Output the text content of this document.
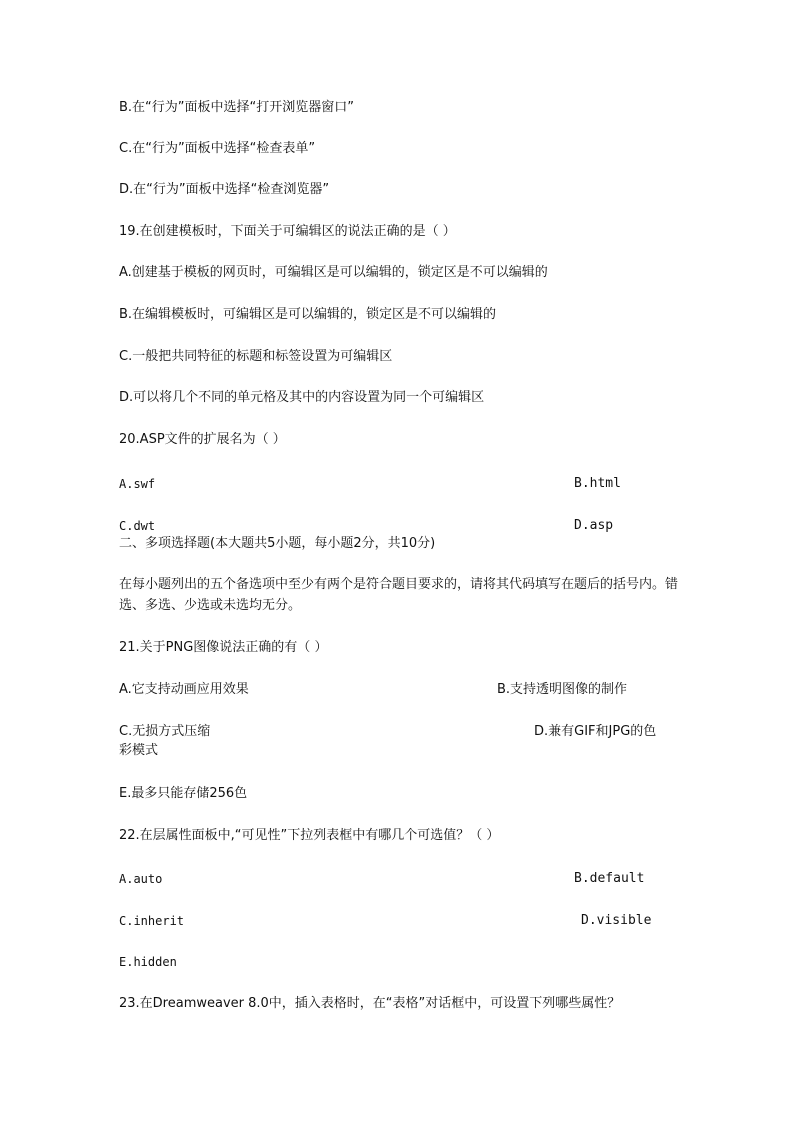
B.在“行为”面板中选择“打开浏览器窗口”
C.在“行为”面板中选择“检查表单”
D.在“行为”面板中选择“检查浏览器”
19.在创建模板时，下面关于可编辑区的说法正确的是（ ）
A.创建基于模板的网页时，可编辑区是可以编辑的，锁定区是不可以编辑的
B.在编辑模板时，可编辑区是可以编辑的，锁定区是不可以编辑的
C.一般把共同特征的标题和标签设置为可编辑区
D.可以将几个不同的单元格及其中的内容设置为同一个可编辑区
20.ASP文件的扩展名为（ ）
A.swf	B.html
C.dwt	D.asp
二、多项选择题(本大题共5小题，每小题2分，共10分)
在每小题列出的五个备选项中至少有两个是符合题目要求的，请将其代码填写在题后的括号内。错选、多选、少选或未选均无分。
21.关于PNG图像说法正确的有（ ）
A.它支持动画应用效果	B.支持透明图像的制作
C.无损方式压缩	D.兼有GIF和JPG的色
彩模式
E.最多只能存储256色
22.在层属性面板中,“可见性”下拉列表框中有哪几个可选值？（ ）
A.auto	B.default
C.inherit	D.visible
E.hidden
23.在Dreamweaver 8.0中，插入表格时，在“表格”对话框中，可设置下列哪些属性？
